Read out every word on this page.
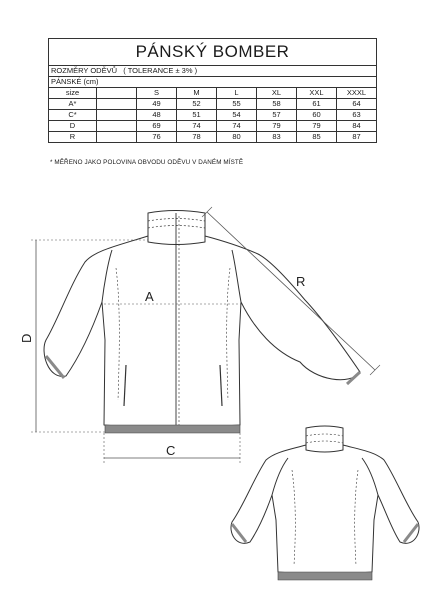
PÁNSKÝ BOMBER							
ROZMĚRY ODĚVŮ ( TOLERANCE ± 3% )							
PÁNSKÉ (cm)							
size		S	M	L	XL	XXL	XXXL
A*		49	52	55	58	61	64
C*		48	51	54	57	60	63
D		69	74	74	79	79	84
R		76	78	80	83	85	87
* MĚŘENO JAKO POLOVINA OBVODU ODĚVU V DANÉM MÍSTĚ
A
C
D
R
